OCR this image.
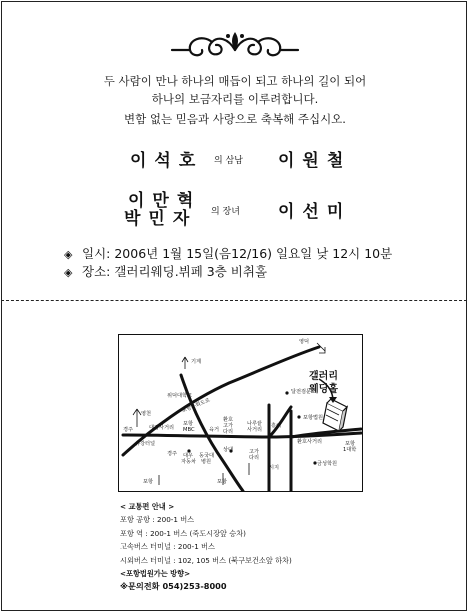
두 사람이 만나 하나의 매듭이 되고 하나의 길이 되어
하나의 보금자리를 이루려합니다.
변함 없는 믿음과 사랑으로 축복해 주십시오.
이석호 의 삼남 이원철
이만혁
박민자 의 장녀 이선미
◈ 일시: 2006년 1월 15일(음12/16) 일요일 낮 12시 10분
◈ 장소: 갤러리웨딩.뷔페 3층 비취홀
갤러리
웨딩홀
영덕
기계
위덕대학교
포항우회도로
영천
경주
유강터널
대잠사거리
포항
MBC	육거
환호
고가
다리
나루끝
사거리
달전검문소
흥해
포항법원
환호사거리	포항
1대학
금성학원
경주 대우
자동차
동국대
병원
상대
포항	포항
시지
고가
다리
< 교통편 안내 >
포항 공항 : 200-1 버스
포항 역 : 200-1 버스 (죽도시장앞 승차)
고속버스 터미널 : 200-1 버스
시외버스 터미널 : 102, 105 버스 (북구보건소앞 하차)
<포항법원가는 방향>
※문의전화 054)253-8000
